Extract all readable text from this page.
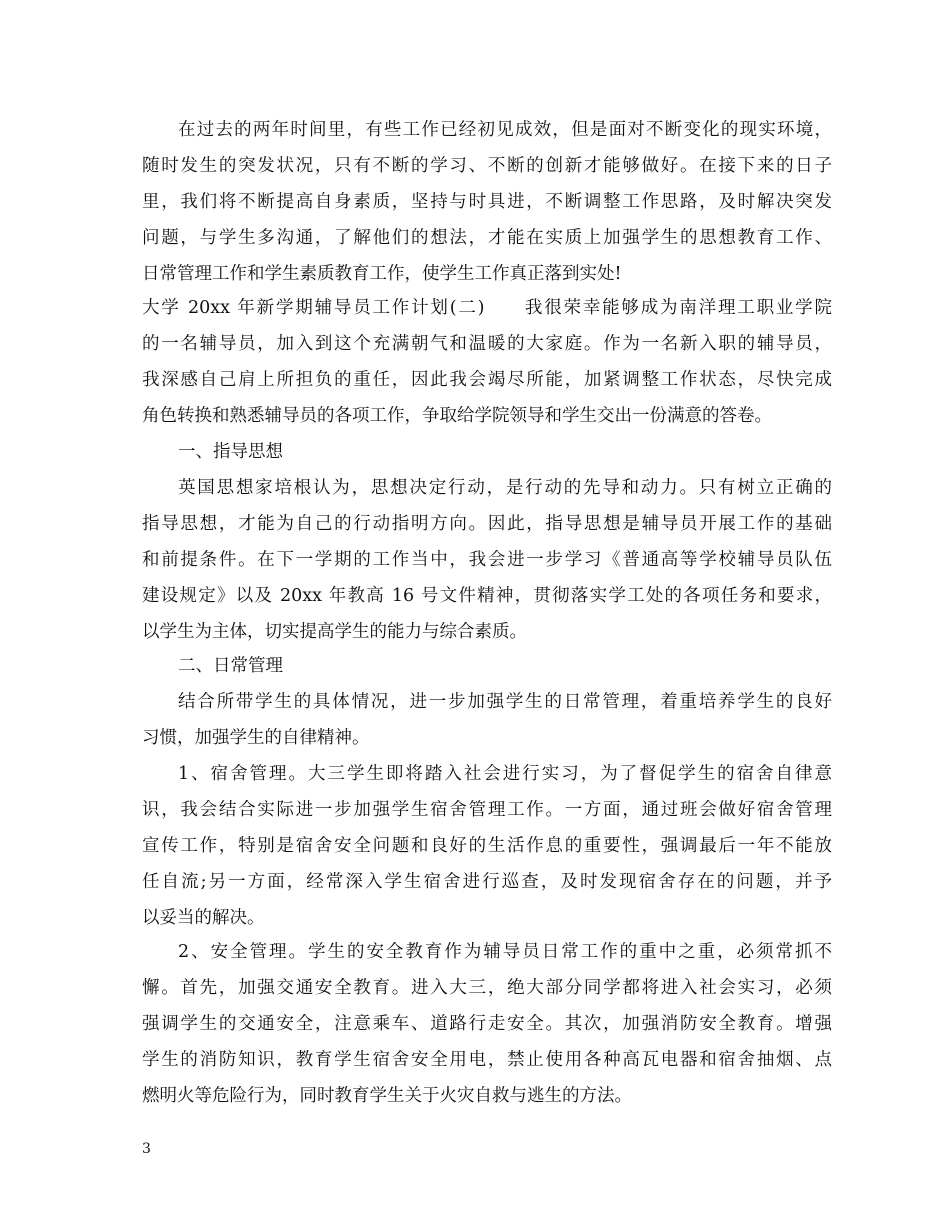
在过去的两年时间里，有些工作已经初见成效，但是面对不断变化的现实环境，
随时发生的突发状况，只有不断的学习、不断的创新才能够做好。在接下来的日子
里，我们将不断提高自身素质，坚持与时具进，不断调整工作思路，及时解决突发
问题，与学生多沟通，了解他们的想法，才能在实质上加强学生的思想教育工作、
日常管理工作和学生素质教育工作，使学生工作真正落到实处!
大学 20xx 年新学期辅导员工作计划(二)　　我很荣幸能够成为南洋理工职业学院
的一名辅导员，加入到这个充满朝气和温暖的大家庭。作为一名新入职的辅导员，
我深感自己肩上所担负的重任，因此我会竭尽所能，加紧调整工作状态，尽快完成
角色转换和熟悉辅导员的各项工作，争取给学院领导和学生交出一份满意的答卷。
一、指导思想
英国思想家培根认为，思想决定行动，是行动的先导和动力。只有树立正确的
指导思想，才能为自己的行动指明方向。因此，指导思想是辅导员开展工作的基础
和前提条件。在下一学期的工作当中，我会进一步学习《普通高等学校辅导员队伍
建设规定》以及 20xx 年教高 16 号文件精神，贯彻落实学工处的各项任务和要求，
以学生为主体，切实提高学生的能力与综合素质。
二、日常管理
结合所带学生的具体情况，进一步加强学生的日常管理，着重培养学生的良好
习惯，加强学生的自律精神。
1、宿舍管理。大三学生即将踏入社会进行实习，为了督促学生的宿舍自律意
识，我会结合实际进一步加强学生宿舍管理工作。一方面，通过班会做好宿舍管理
宣传工作，特别是宿舍安全问题和良好的生活作息的重要性，强调最后一年不能放
任自流;另一方面，经常深入学生宿舍进行巡查，及时发现宿舍存在的问题，并予
以妥当的解决。
2、安全管理。学生的安全教育作为辅导员日常工作的重中之重，必须常抓不
懈。首先，加强交通安全教育。进入大三，绝大部分同学都将进入社会实习，必须
强调学生的交通安全，注意乘车、道路行走安全。其次，加强消防安全教育。增强
学生的消防知识，教育学生宿舍安全用电，禁止使用各种高瓦电器和宿舍抽烟、点
燃明火等危险行为，同时教育学生关于火灾自救与逃生的方法。
3
